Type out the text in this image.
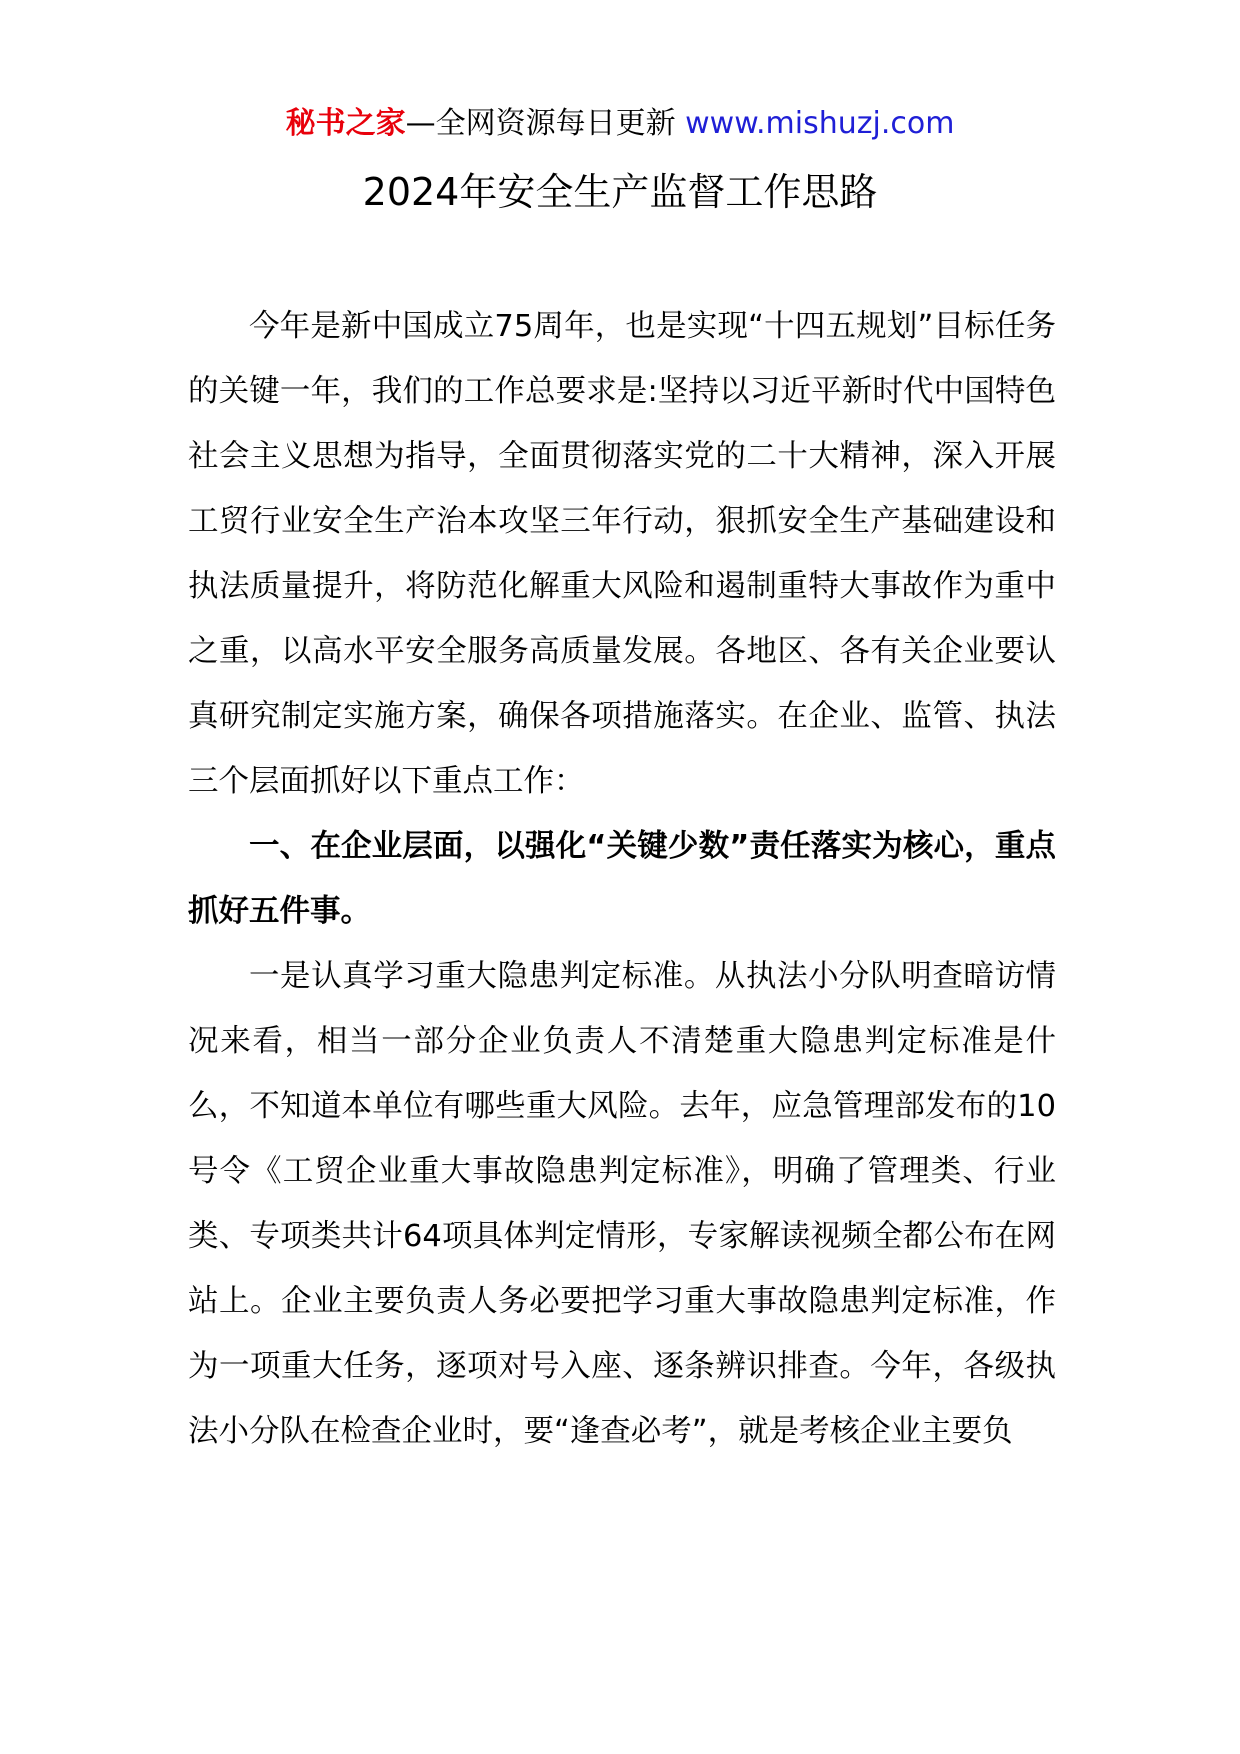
秘书之家—全网资源每日更新 www.mishuzj.com
2024年安全生产监督工作思路

今年是新中国成立75周年，也是实现“十四五规划”目标任务的关键一年，我们的工作总要求是:坚持以习近平新时代中国特色社会主义思想为指导，全面贯彻落实党的二十大精神，深入开展工贸行业安全生产治本攻坚三年行动，狠抓安全生产基础建设和执法质量提升，将防范化解重大风险和遏制重特大事故作为重中之重，以高水平安全服务高质量发展。各地区、各有关企业要认真研究制定实施方案，确保各项措施落实。在企业、监管、执法三个层面抓好以下重点工作：

一、在企业层面，以强化“关键少数”责任落实为核心，重点抓好五件事。

一是认真学习重大隐患判定标准。从执法小分队明查暗访情况来看，相当一部分企业负责人不清楚重大隐患判定标准是什么，不知道本单位有哪些重大风险。去年，应急管理部发布的10号令《工贸企业重大事故隐患判定标准》，明确了管理类、行业类、专项类共计64项具体判定情形，专家解读视频全都公布在网站上。企业主要负责人务必要把学习重大事故隐患判定标准，作为一项重大任务，逐项对号入座、逐条辨识排查。今年，各级执法小分队在检查企业时，要“逢查必考”，就是考核企业主要负
